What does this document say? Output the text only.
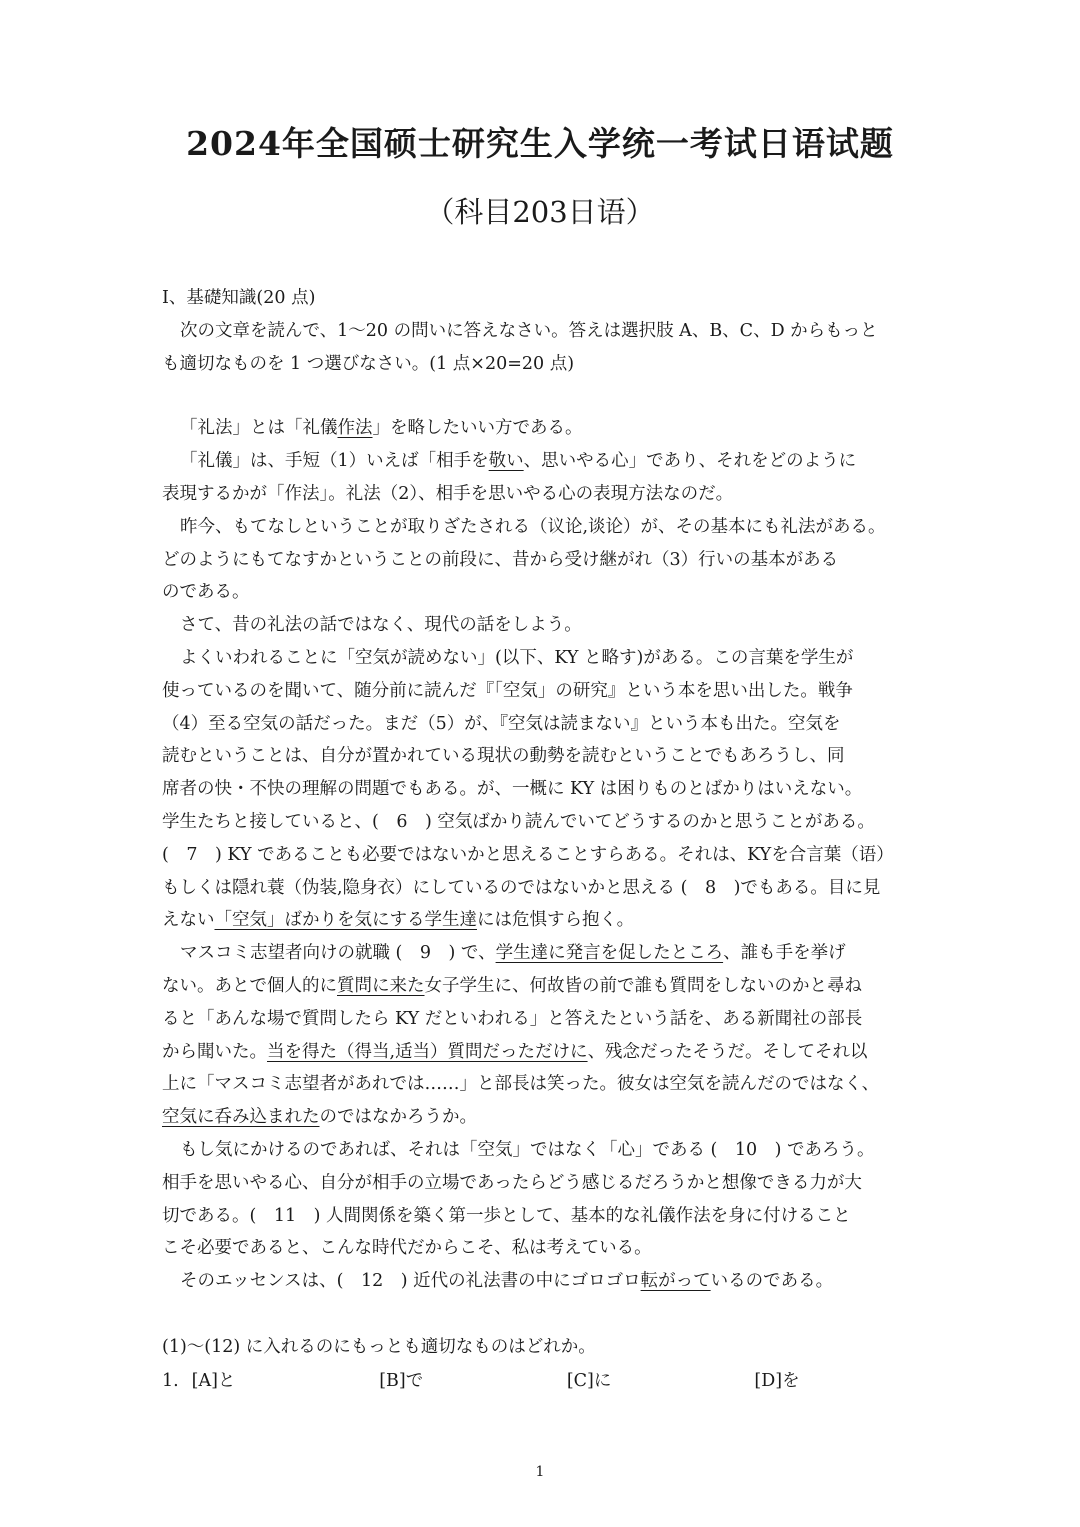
2024年全国硕士研究生入学统一考试日语试题
（科目203日语）
I、基礎知識(20 点)
次の文章を読んで、1～20 の問いに答えなさい。答えは選択肢 A、B、C、D からもっと
も適切なものを 1 つ選びなさい。(1 点×20=20 点)
「礼法」とは「礼儀作法」を略したいい方である。
「礼儀」は、手短（1）いえば「相手を敬い、思いやる心」であり、それをどのように
表現するかが「作法」。礼法（2）、相手を思いやる心の表現方法なのだ。
昨今、もてなしということが取りざたされる（议论,谈论）が、その基本にも礼法がある。
どのようにもてなすかということの前段に、昔から受け継がれ（3）行いの基本がある
のである。
さて、昔の礼法の話ではなく、現代の話をしよう。
よくいわれることに「空気が読めない」(以下、KY と略す)がある。この言葉を学生が
使っているのを聞いて、随分前に読んだ『「空気」の研究』という本を思い出した。戦争
（4）至る空気の話だった。まだ（5）が、『空気は読まない』という本も出た。空気を
読むということは、自分が置かれている現状の動勢を読むということでもあろうし、同
席者の快・不快の理解の問題でもある。が、一概に KY は困りものとばかりはいえない。
学生たちと接していると、(　6　) 空気ばかり読んでいてどうするのかと思うことがある。
(　7　) KY であることも必要ではないかと思えることすらある。それは、KYを合言葉（语）
もしくは隠れ蓑（伪装,隐身衣）にしているのではないかと思える (　8　)でもある。目に見
えない「空気」ばかりを気にする学生達には危惧すら抱く。
マスコミ志望者向けの就職 (　9　) で、学生達に発言を促したところ、誰も手を挙げ
ない。あとで個人的に質問に来た女子学生に、何故皆の前で誰も質問をしないのかと尋ね
ると「あんな場で質問したら KY だといわれる」と答えたという話を、ある新聞社の部長
から聞いた。当を得た（得当,适当）質問だっただけに、残念だったそうだ。そしてそれ以
上に「マスコミ志望者があれでは……」と部長は笑った。彼女は空気を読んだのではなく、
空気に呑み込まれたのではなかろうか。
もし気にかけるのであれば、それは「空気」ではなく「心」である (　10　) であろう。
相手を思いやる心、自分が相手の立場であったらどう感じるだろうかと想像できる力が大
切である。(　11　) 人間関係を築く第一歩として、基本的な礼儀作法を身に付けること
こそ必要であると、こんな時代だからこそ、私は考えている。
そのエッセンスは、(　12　) 近代の礼法書の中にゴロゴロ転がっているのである。
(1)～(12) に入れるのにもっとも適切なものはどれか。
1. [A]と	[B]で	[C]に	[D]を
1
